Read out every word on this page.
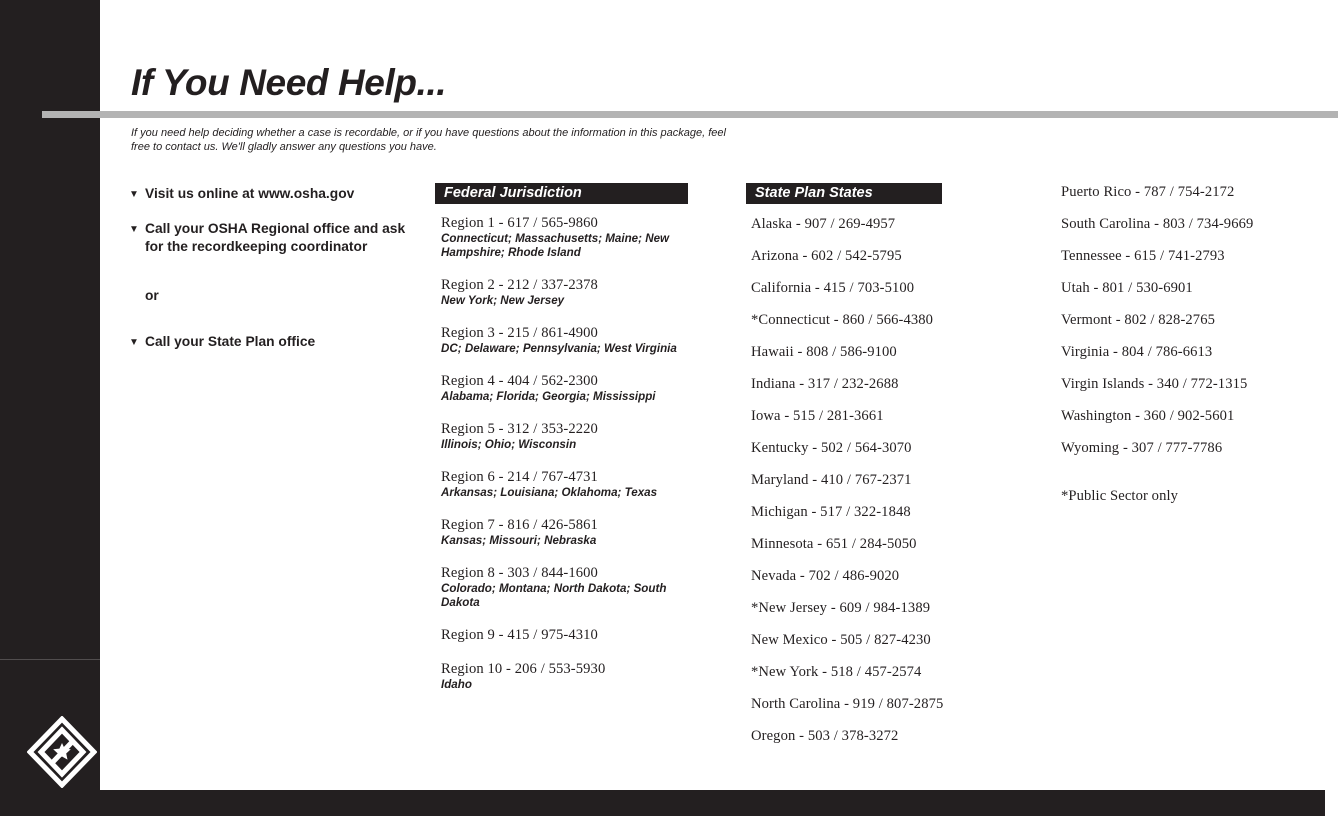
U.S. Department of Labor Occupational Safety and Health Administration
If You Need Help...
If you need help deciding whether a case is recordable, or if you have questions about the information in this package, feel free to contact us. We'll gladly answer any questions you have.
▼ Visit us online at www.osha.gov
▼ Call your OSHA Regional office and ask for the recordkeeping coordinator
or
▼ Call your State Plan office
Federal Jurisdiction
Region 1 - 617 / 565-9860
Connecticut; Massachusetts; Maine; New Hampshire; Rhode Island
Region 2 - 212 / 337-2378
New York; New Jersey
Region 3 - 215 / 861-4900
DC; Delaware; Pennsylvania; West Virginia
Region 4 - 404 / 562-2300
Alabama; Florida; Georgia; Mississippi
Region 5 - 312 / 353-2220
Illinois; Ohio; Wisconsin
Region 6 - 214 / 767-4731
Arkansas; Louisiana; Oklahoma; Texas
Region 7 - 816 / 426-5861
Kansas; Missouri; Nebraska
Region 8 - 303 / 844-1600
Colorado; Montana; North Dakota; South Dakota
Region 9 - 415 / 975-4310
Region 10 - 206 / 553-5930
Idaho
State Plan States
Alaska - 907 / 269-4957
Arizona - 602 / 542-5795
California - 415 / 703-5100
*Connecticut - 860 / 566-4380
Hawaii - 808 / 586-9100
Indiana - 317 / 232-2688
Iowa - 515 / 281-3661
Kentucky - 502 / 564-3070
Maryland - 410 / 767-2371
Michigan - 517 / 322-1848
Minnesota - 651 / 284-5050
Nevada - 702 / 486-9020
*New Jersey - 609 / 984-1389
New Mexico - 505 / 827-4230
*New York - 518 / 457-2574
North Carolina - 919 / 807-2875
Oregon - 503 / 378-3272
Puerto Rico - 787 / 754-2172
South Carolina - 803 / 734-9669
Tennessee - 615 / 741-2793
Utah - 801 / 530-6901
Vermont - 802 / 828-2765
Virginia - 804 / 786-6613
Virgin Islands - 340 / 772-1315
Washington - 360 / 902-5601
Wyoming - 307 / 777-7786
*Public Sector only
